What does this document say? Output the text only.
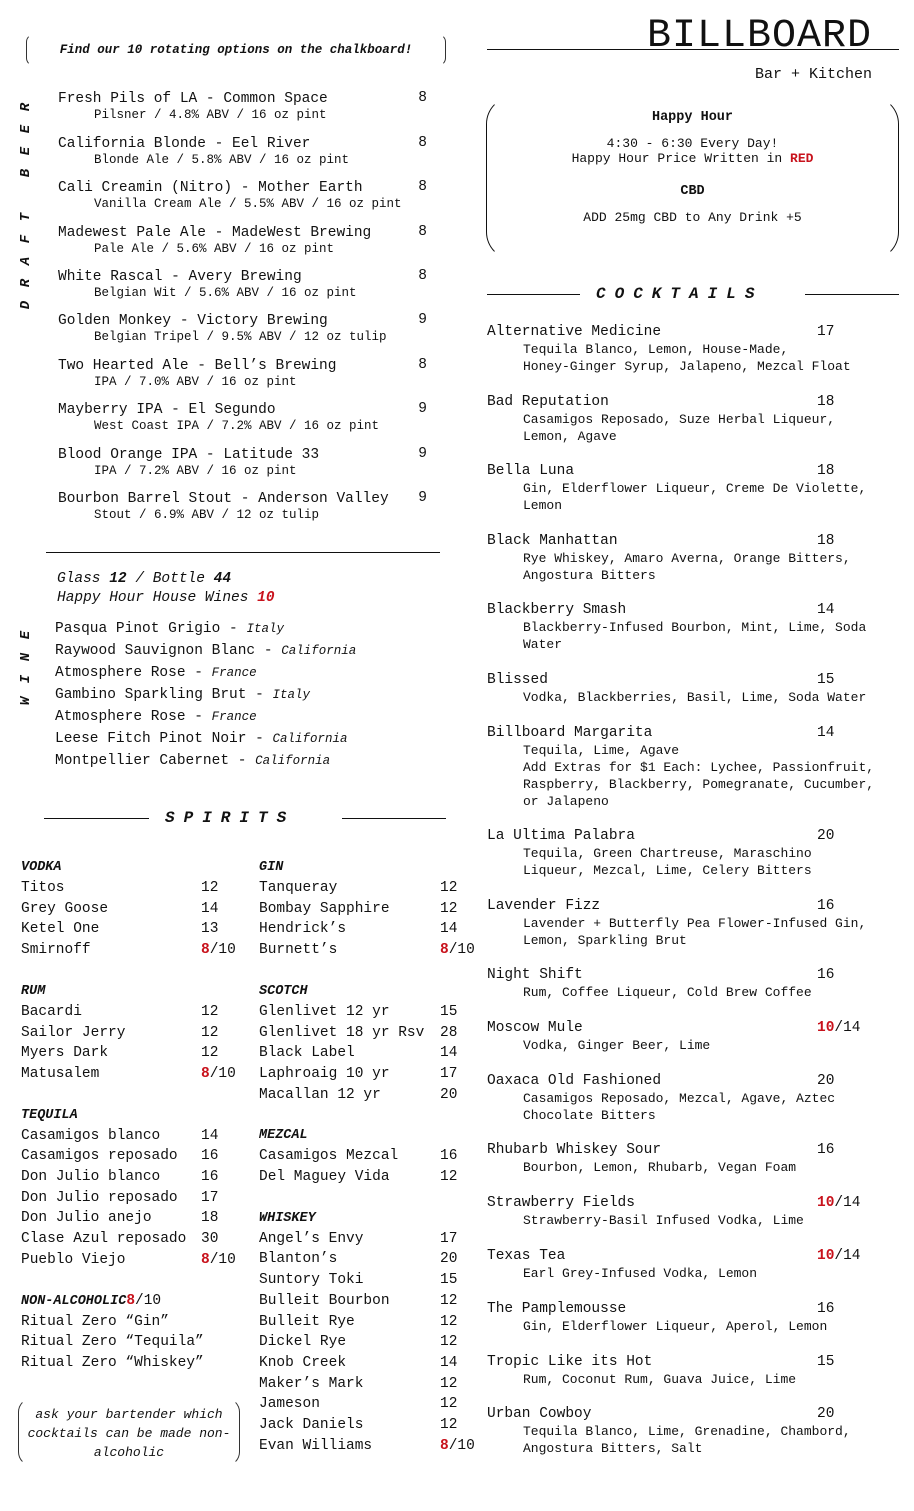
Find our 10 rotating options on the chalkboard!	BILLBOARD
Bar + Kitchen
Happy Hour
4:30 - 6:30 Every Day!
Happy Hour Price Written in RED
CBD
ADD 25mg CBD to Any Drink +5
R
E
E
B

T
F
A
R
D
Fresh Pils of LA - Common Space	8
Pilsner / 4.8% ABV / 16 oz pint
California Blonde - Eel River	8
Blonde Ale / 5.8% ABV / 16 oz pint
Cali Creamin (Nitro) - Mother Earth	8
Vanilla Cream Ale / 5.5% ABV / 16 oz pint
Madewest Pale Ale - MadeWest Brewing	8
Pale Ale / 5.6% ABV / 16 oz pint
White Rascal - Avery Brewing	8
Belgian Wit / 5.6% ABV / 16 oz pint
Golden Monkey - Victory Brewing	9
Belgian Tripel / 9.5% ABV / 12 oz tulip
Two Hearted Ale - Bell’s Brewing	8
IPA / 7.0% ABV / 16 oz pint
Mayberry IPA - El Segundo	9
West Coast IPA / 7.2% ABV / 16 oz pint
Blood Orange IPA - Latitude 33	9
IPA / 7.2% ABV / 16 oz pint
Bourbon Barrel Stout - Anderson Valley	9
Stout / 6.9% ABV / 12 oz tulip
Glass 12 / Bottle 44
Happy Hour House Wines 10
E
N
I
W
Pasqua Pinot Grigio - Italy
Raywood Sauvignon Blanc - California
Atmosphere Rose - France
Gambino Sparkling Brut - Italy
Atmosphere Rose - France
Leese Fitch Pinot Noir - California
Montpellier Cabernet - California
SPIRITS
VODKA
Titos	12
Grey Goose	14
Ketel One	13
Smirnoff	8/10
RUM
Bacardi	12
Sailor Jerry	12
Myers Dark	12
Matusalem	8/10
TEQUILA
Casamigos blanco	14
Casamigos reposado 16
Don Julio blanco	16
Don Julio reposado 17
Don Julio anejo	18
Clase Azul reposado 30
Pueblo Viejo	8/10
NON-ALCOHOLIC8/10
Ritual Zero “Gin”
Ritual Zero “Tequila”
Ritual Zero “Whiskey”
GIN
Tanqueray	12
Bombay Sapphire	12
Hendrick’s	14
Burnett’s	8/10
SCOTCH
Glenlivet 12 yr	15
Glenlivet 18 yr Rsv 28
Black Label	14
Laphroaig 10 yr	17
Macallan 12 yr	20
MEZCAL
Casamigos Mezcal	16
Del Maguey Vida	12
WHISKEY
Angel’s Envy	17
Blanton’s	20
Suntory Toki	15
Bulleit Bourbon	12
Bulleit Rye	12
Dickel Rye	12
Knob Creek	14
Maker’s Mark	12
Jameson	12
Jack Daniels	12
Evan Williams	8/10
ask your bartender which cocktails can be made non-alcoholic
COCKTAILS
Alternative Medicine	17
Tequila Blanco, Lemon, House-Made,
Honey-Ginger Syrup, Jalapeno, Mezcal Float
Bad Reputation	18
Casamigos Reposado, Suze Herbal Liqueur,
Lemon, Agave
Bella Luna	18
Gin, Elderflower Liqueur, Creme De Violette,
Lemon
Black Manhattan	18
Rye Whiskey, Amaro Averna, Orange Bitters,
Angostura Bitters
Blackberry Smash	14
Blackberry-Infused Bourbon, Mint, Lime, Soda
Water
Blissed	15
Vodka, Blackberries, Basil, Lime, Soda Water
Billboard Margarita	14
Tequila, Lime, Agave
Add Extras for $1 Each: Lychee, Passionfruit,
Raspberry, Blackberry, Pomegranate, Cucumber,
or Jalapeno
La Ultima Palabra	20
Tequila, Green Chartreuse, Maraschino
Liqueur, Mezcal, Lime, Celery Bitters
Lavender Fizz	16
Lavender + Butterfly Pea Flower-Infused Gin,
Lemon, Sparkling Brut
Night Shift	16
Rum, Coffee Liqueur, Cold Brew Coffee
Moscow Mule	10/14
Vodka, Ginger Beer, Lime
Oaxaca Old Fashioned	20
Casamigos Reposado, Mezcal, Agave, Aztec
Chocolate Bitters
Rhubarb Whiskey Sour	16
Bourbon, Lemon, Rhubarb, Vegan Foam
Strawberry Fields	10/14
Strawberry-Basil Infused Vodka, Lime
Texas Tea	10/14
Earl Grey-Infused Vodka, Lemon
The Pamplemousse	16
Gin, Elderflower Liqueur, Aperol, Lemon
Tropic Like its Hot	15
Rum, Coconut Rum, Guava Juice, Lime
Urban Cowboy	20
Tequila Blanco, Lime, Grenadine, Chambord,
Angostura Bitters, Salt
